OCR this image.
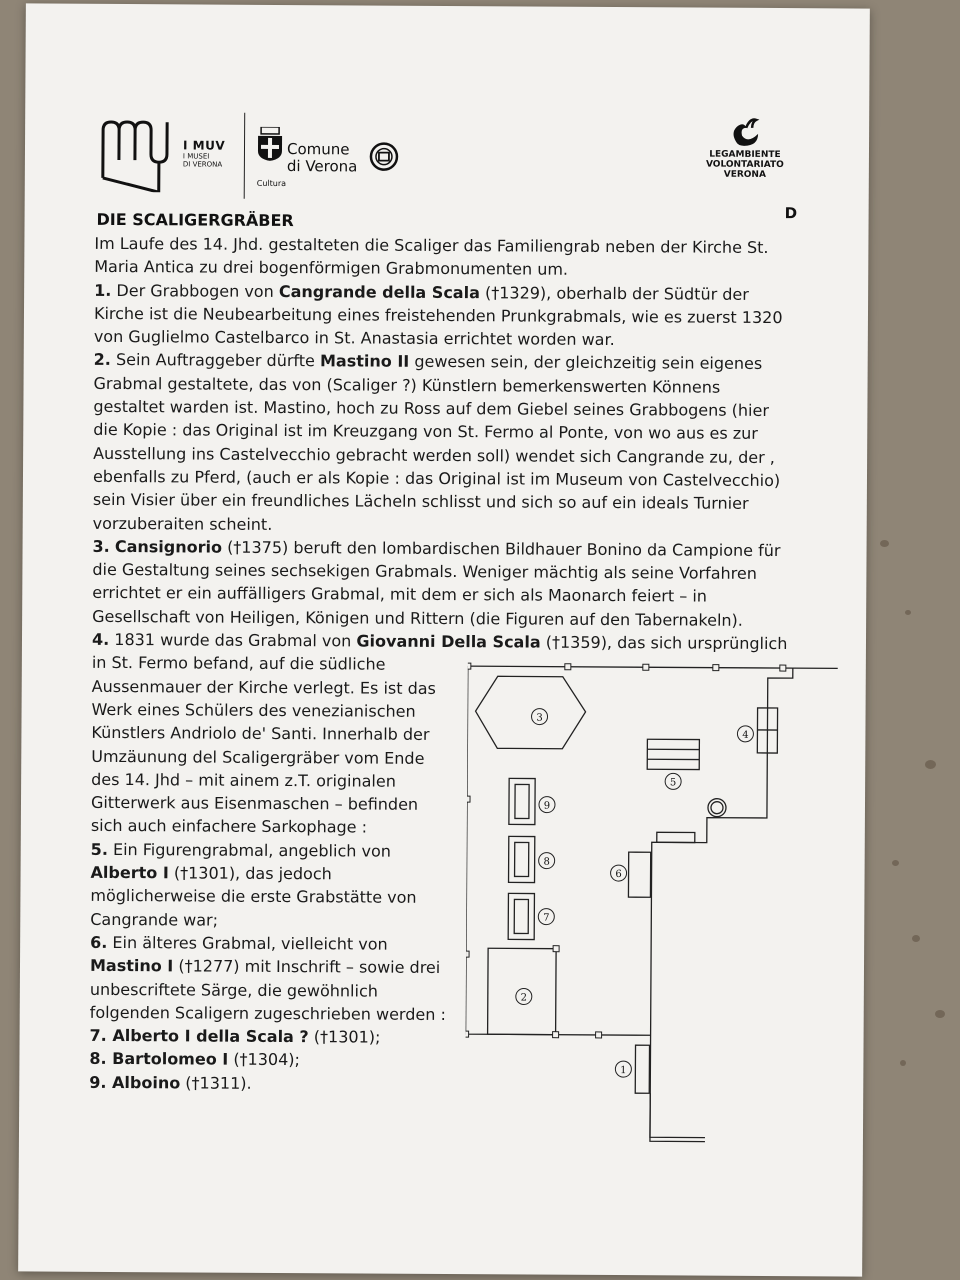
I MUV
I MUSEI
DI VERONA
Comune
di Verona
Cultura
LEGAMBIENTE
VOLONTARIATO
VERONA
D
DIE SCALIGERGRÄBER

Im Laufe des 14. Jhd. gestalteten die Scaliger das Familiengrab neben der Kirche St. Maria Antica zu drei bogenförmigen Grabmonumenten um.

1. Der Grabbogen von Cangrande della Scala (†1329), oberhalb der Südtür der Kirche ist die Neubearbeitung eines freistehenden Prunkgrabmals, wie es zuerst 1320 von Guglielmo Castelbarco in St. Anastasia errichtet worden war.

2. Sein Auftraggeber dürfte Mastino II gewesen sein, der gleichzeitig sein eigenes Grabmal gestaltete, das von (Scaliger ?) Künstlern bemerkenswerten Könnens gestaltet warden ist. Mastino, hoch zu Ross auf dem Giebel seines Grabbogens (hier die Kopie : das Original ist im Kreuzgang von St. Fermo al Ponte, von wo aus es zur Ausstellung ins Castelvecchio gebracht werden soll) wendet sich Cangrande zu, der , ebenfalls zu Pferd, (auch er als Kopie : das Original ist im Museum von Castelvecchio) sein Visier über ein freundliches Lächeln schlisst und sich so auf ein ideals Turnier vorzuberaiten scheint.

3. Cansignorio (†1375) beruft den lombardischen Bildhauer Bonino da Campione für die Gestaltung seines sechsekigen Grabmals. Weniger mächtig als seine Vorfahren errichtet er ein auffälligers Grabmal, mit dem er sich als Maonarch feiert – in Gesellschaft von Heiligen, Königen und Rittern (die Figuren auf den Tabernakeln).

4. 1831 wurde das Grabmal von Giovanni Della Scala (†1359), das sich ursprünglich

in St. Fermo befand, auf die südliche Aussenmauer der Kirche verlegt. Es ist das Werk eines Schülers des venezianischen Künstlers Andriolo de' Santi. Innerhalb der Umzäunung del Scaligergräber vom Ende des 14. Jhd – mit ainem z.T. originalen Gitterwerk aus Eisenmaschen – befinden sich auch einfachere Sarkophage :

5. Ein Figurengrabmal, angeblich von Alberto I (†1301), das jedoch möglicherweise die erste Grabstätte von Cangrande war;

6. Ein älteres Grabmal, vielleicht von Mastino I (†1277) mit Inschrift – sowie drei unbescriftete Särge, die gewöhnlich folgenden Scaligern zugeschrieben werden :

7. Alberto I della Scala ? (†1301);

8. Bartolomeo I (†1304);

9. Alboino (†1311).

1
2
3
4
5
6
7
8
9
